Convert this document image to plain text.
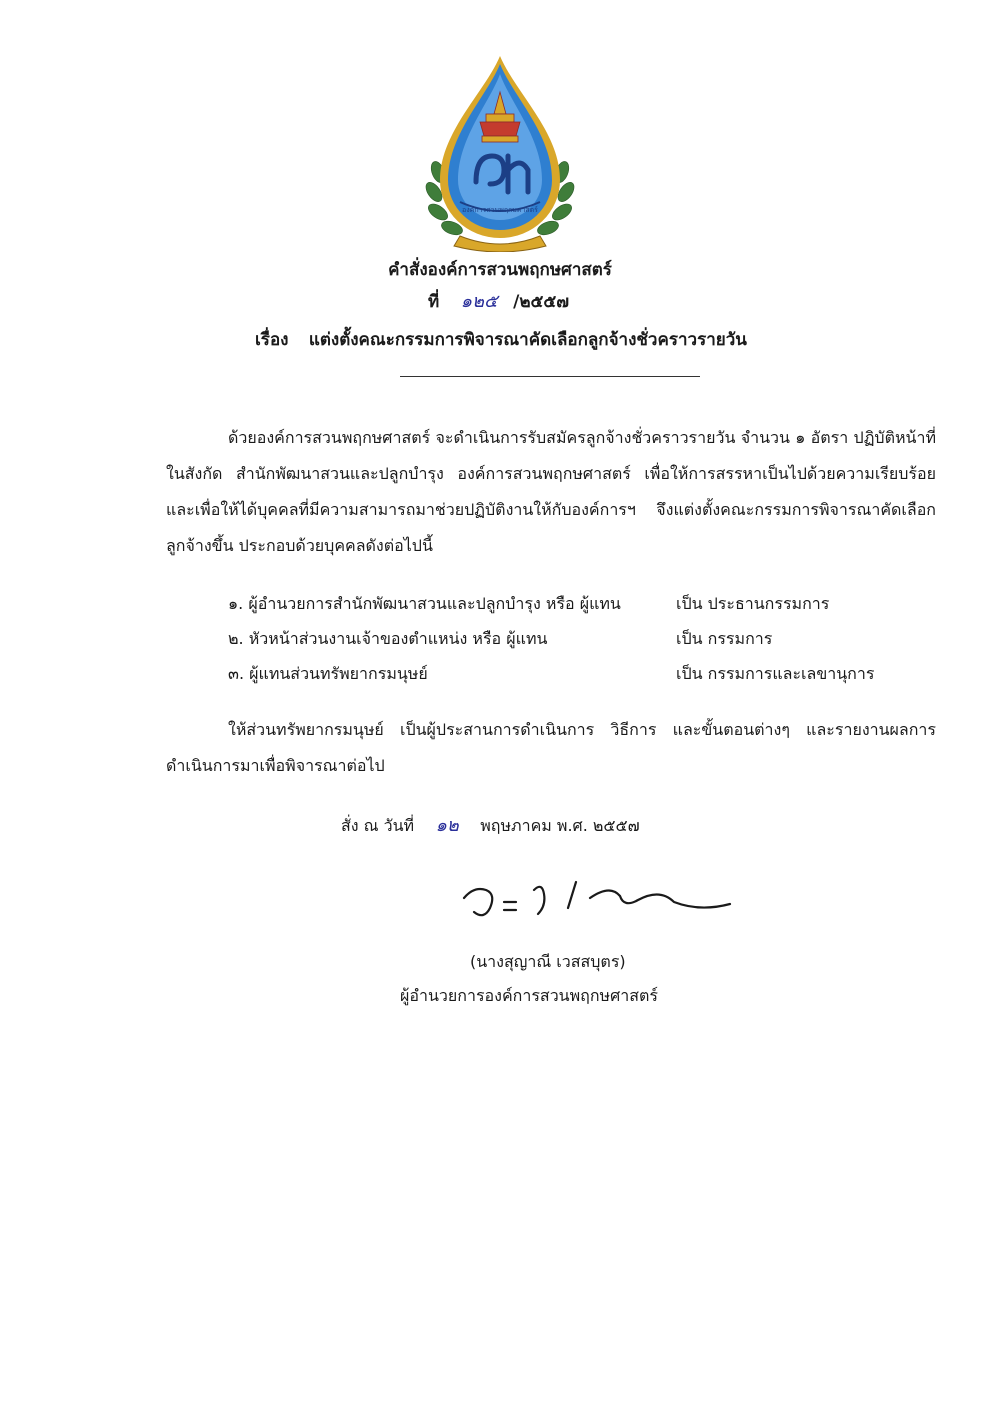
องค์การสวนพฤกษศาสตร์
คำสั่งองค์การสวนพฤกษศาสตร์
ที่ ๑๒๕ /๒๕๕๗
เรื่อง แต่งตั้งคณะกรรมการพิจารณาคัดเลือกลูกจ้างชั่วคราวรายวัน

ด้วยองค์การสวนพฤกษศาสตร์ จะดำเนินการรับสมัครลูกจ้างชั่วคราวรายวัน จำนวน ๑ อัตรา ปฏิบัติหน้าที่ในสังกัด สำนักพัฒนาสวนและปลูกบำรุง องค์การสวนพฤกษศาสตร์ เพื่อให้การสรรหาเป็นไปด้วยความเรียบร้อย และเพื่อให้ได้บุคคลที่มีความสามารถมาช่วยปฏิบัติงานให้กับองค์การฯ จึงแต่งตั้งคณะกรรมการพิจารณาคัดเลือกลูกจ้างขึ้น ประกอบด้วยบุคคลดังต่อไปนี้

๑. ผู้อำนวยการสำนักพัฒนาสวนและปลูกบำรุง หรือ ผู้แทน	เป็น ประธานกรรมการ
๒. หัวหน้าส่วนงานเจ้าของตำแหน่ง หรือ ผู้แทน	เป็น กรรมการ
๓. ผู้แทนส่วนทรัพยากรมนุษย์	เป็น กรรมการและเลขานุการ

ให้ส่วนทรัพยากรมนุษย์ เป็นผู้ประสานการดำเนินการ วิธีการ และขั้นตอนต่างๆ และรายงานผลการดำเนินการมาเพื่อพิจารณาต่อไป

สั่ง ณ วันที่ ๑๒ พฤษภาคม พ.ศ. ๒๕๕๗
(นางสุญาณี เวสสบุตร)
ผู้อำนวยการองค์การสวนพฤกษศาสตร์
